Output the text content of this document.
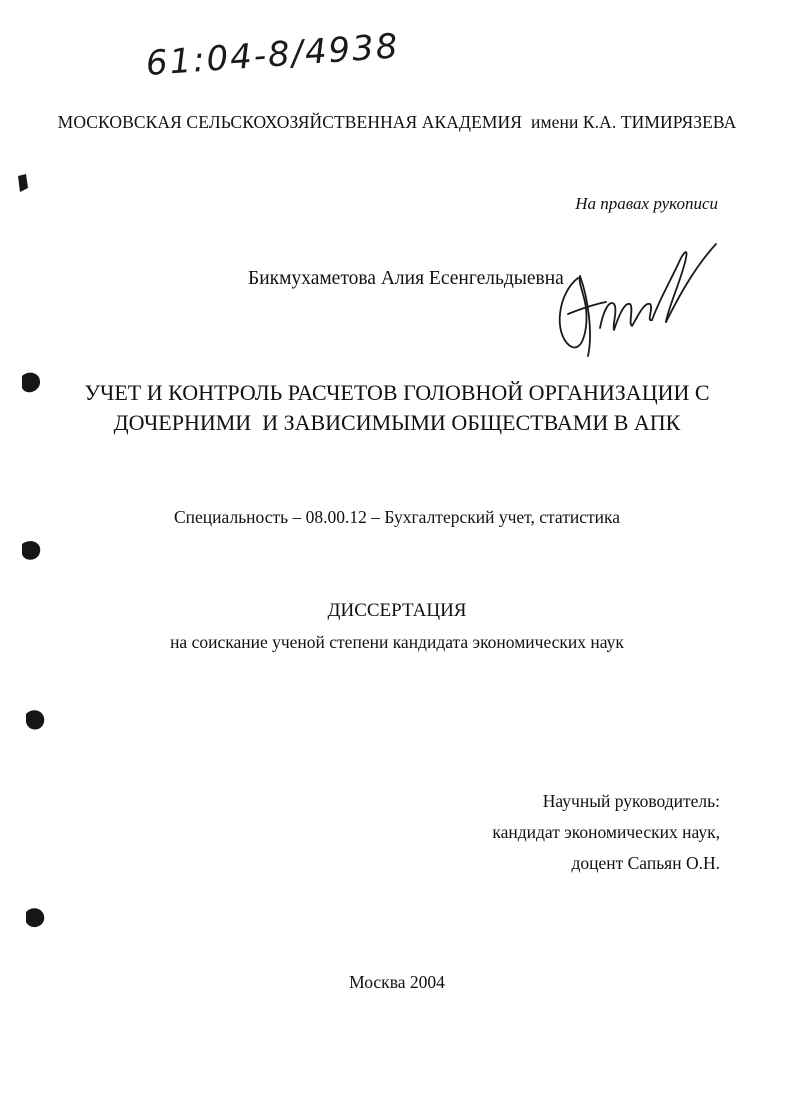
61:04-8/4938
МОСКОВСКАЯ СЕЛЬСКОХОЗЯЙСТВЕННАЯ АКАДЕМИЯ  имени К.А. ТИМИРЯЗЕВА
На правах рукописи
Бикмухаметова Алия Есенгельдыевна
УЧЕТ И КОНТРОЛЬ РАСЧЕТОВ ГОЛОВНОЙ ОРГАНИЗАЦИИ С
ДОЧЕРНИМИ  И ЗАВИСИМЫМИ ОБЩЕСТВАМИ В АПК
Специальность – 08.00.12 – Бухгалтерский учет, статистика
ДИССЕРТАЦИЯ
на соискание ученой степени кандидата экономических наук
Научный руководитель:
кандидат экономических наук,
доцент Сапьян О.Н.
Москва 2004
